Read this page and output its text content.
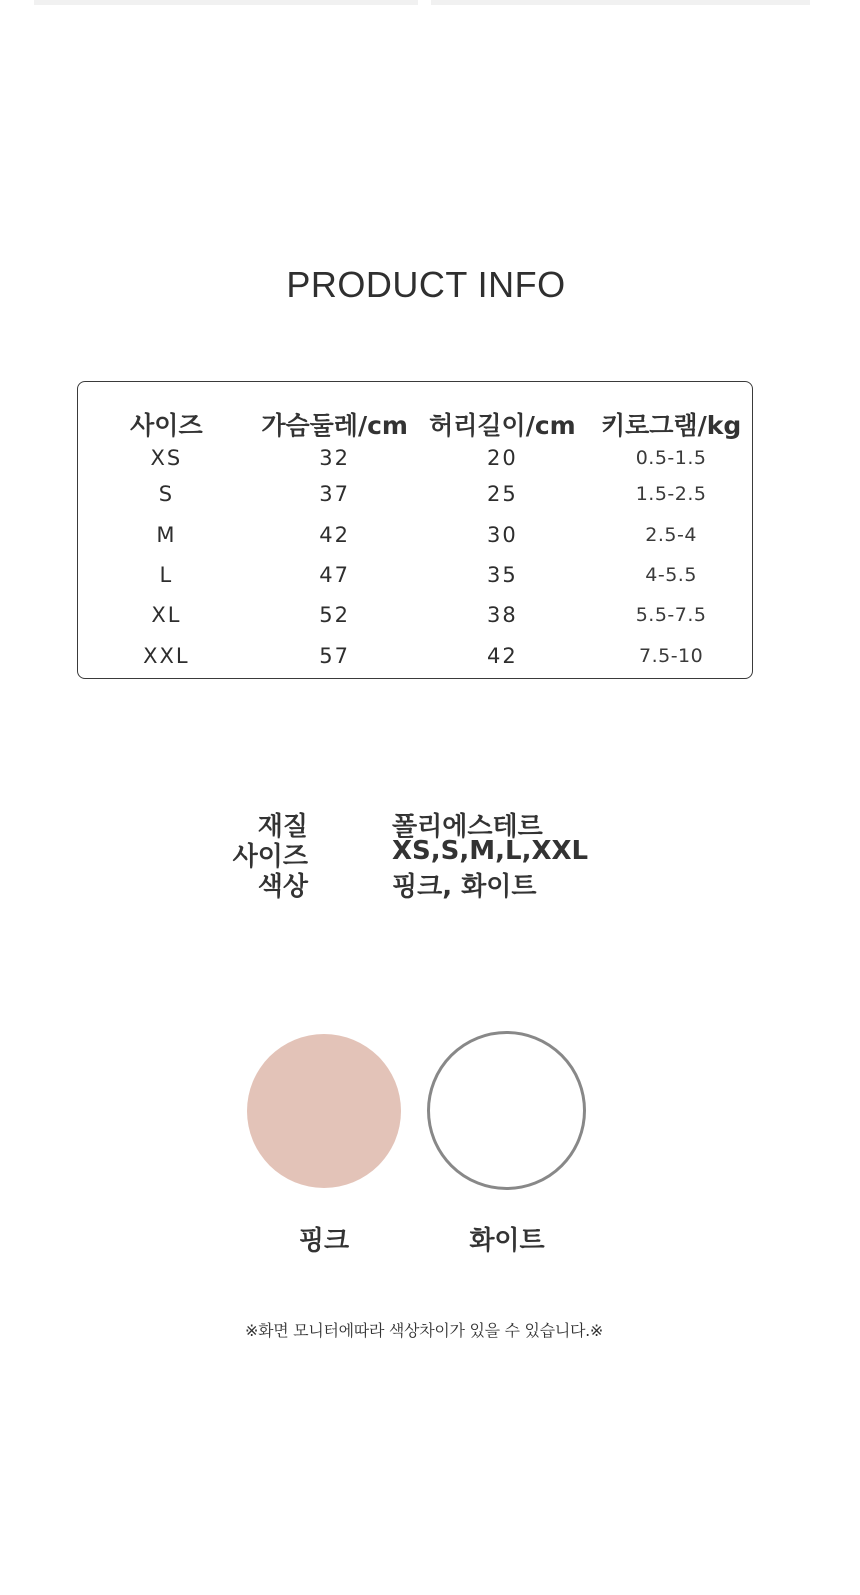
PRODUCT INFO
사이즈	가슴둘레/cm	허리길이/cm	키로그램/kg
XS	32	20	0.5-1.5
S	37	25	1.5-2.5
M	42	30	2.5-4
L	47	35	4-5.5
XL	52	38	5.5-7.5
XXL	57	42	7.5-10
재질	폴리에스테르
사이즈	XS,S,M,L,XXL
색상	핑크, 화이트
핑크	화이트
※화면 모니터에따라 색상차이가 있을 수 있습니다.※
